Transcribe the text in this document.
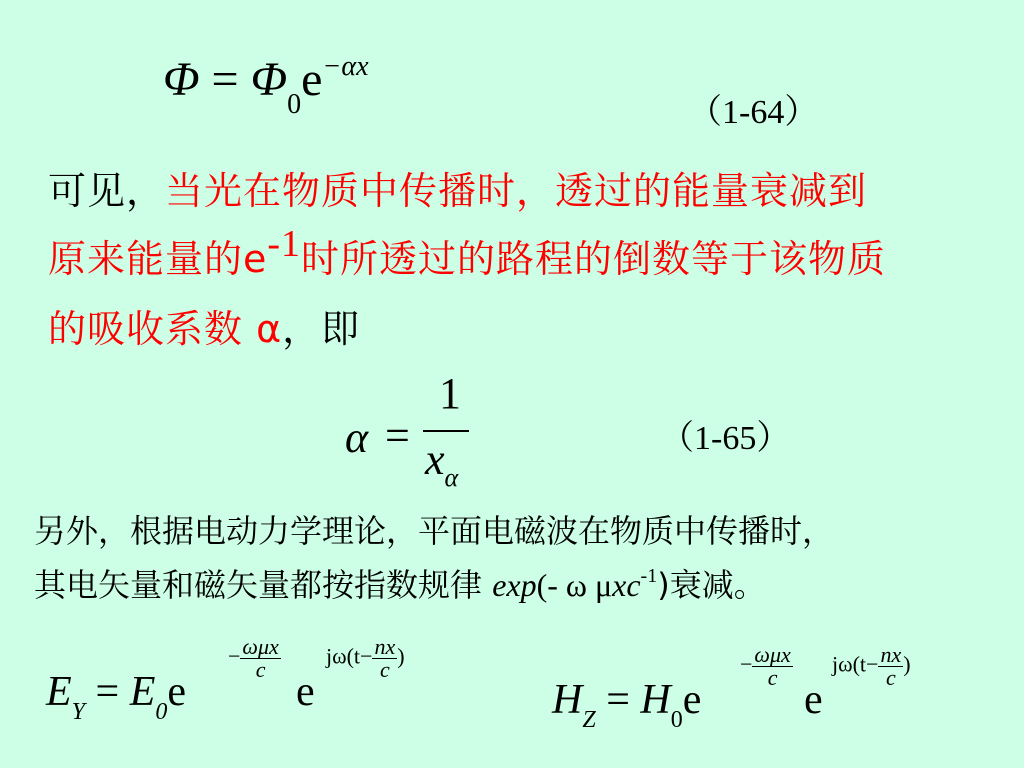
$\Phi = \Phi_0e^{-\alpha x}$
（1-64）
可见，当光在物质中传播时，透过的能量衰减到
原来能量的e-1时所透过的路程的倒数等于该物质
的吸收系数 α，即
α =
1
$x_\alpha$
（1-65）
另外，根据电动力学理论，平面电磁波在物质中传播时，
其电矢量和磁矢量都按指数规律 exp(- ω μxc$^{-1}$)衰减。
$E_Y = E_0e$
− $\frac{\text{ωμx}}{c}$
e
$j\omega(t- \frac{nx}{c}$ )
$H_Z = H_0e$
− $\frac{\text{ωμx}}{c}$
e
$j\omega(t- \frac{nx}{c}$ )
